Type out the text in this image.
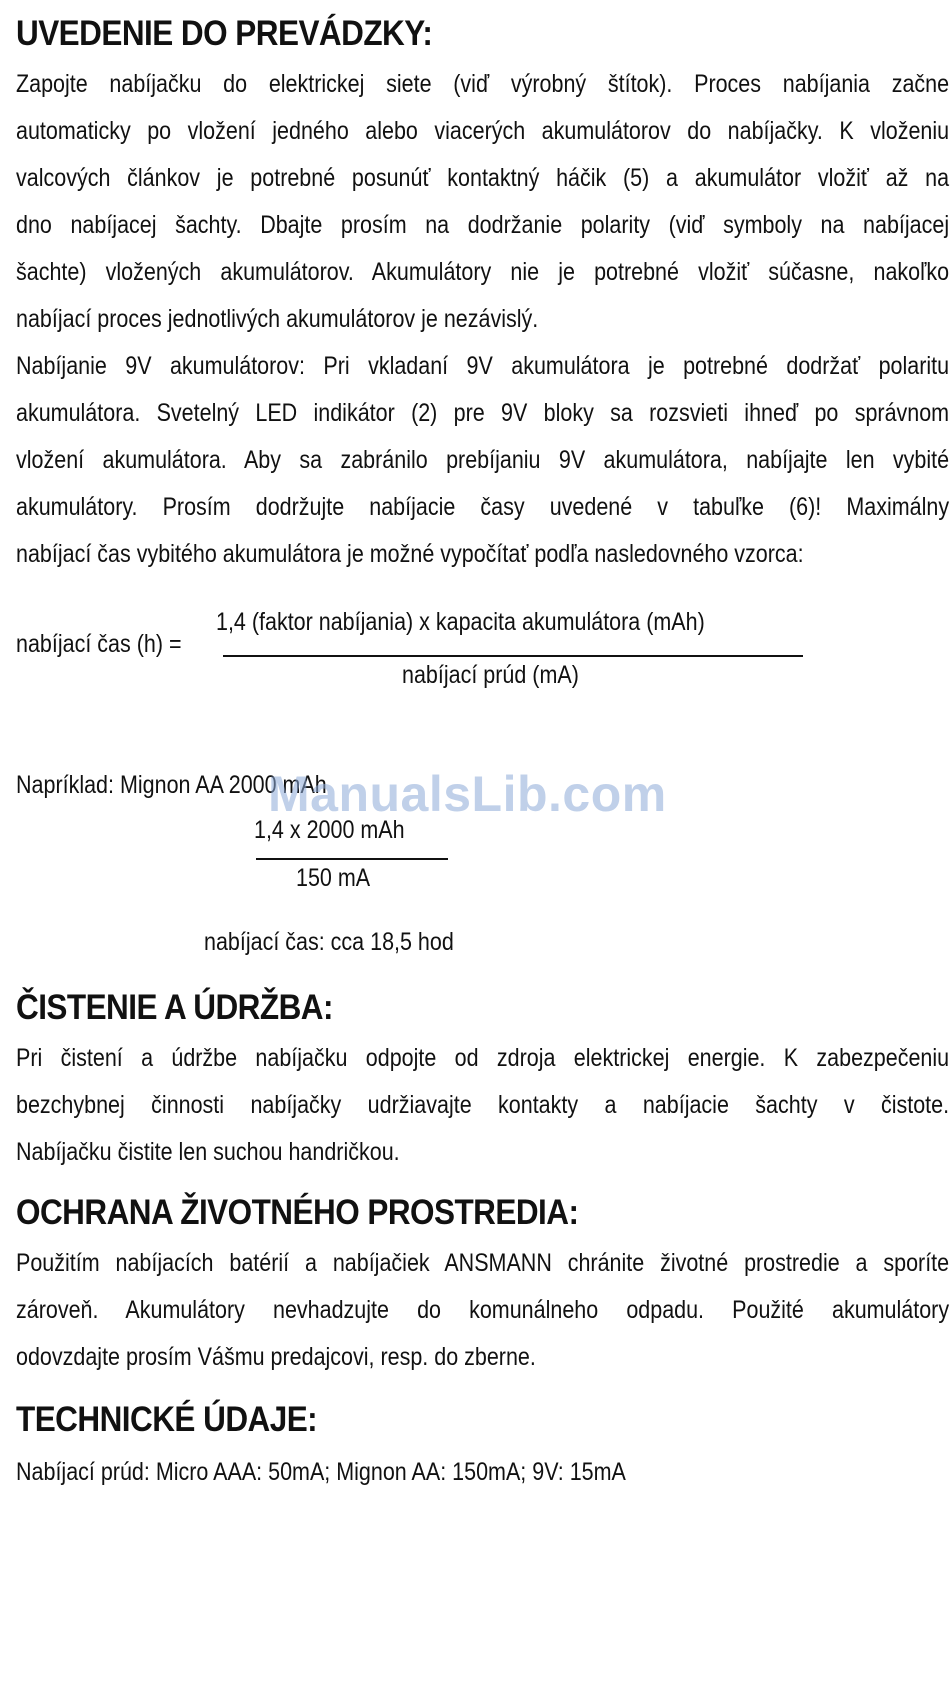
UVEDENIE DO PREVÁDZKY:
Zapojte nabíjačku do elektrickej siete (viď výrobný štítok). Proces nabíjania začne
automaticky po vložení jedného alebo viacerých akumulátorov do nabíjačky. K vloženiu
valcových článkov je potrebné posunúť kontaktný háčik (5) a akumulátor vložiť až na
dno nabíjacej šachty. Dbajte prosím na dodržanie polarity (viď symboly na nabíjacej
šachte) vložených akumulátorov. Akumulátory nie je potrebné vložiť súčasne, nakoľko
nabíjací proces jednotlivých akumulátorov je nezávislý.
Nabíjanie 9V akumulátorov: Pri vkladaní 9V akumulátora je potrebné dodržať polaritu
akumulátora. Svetelný LED indikátor (2) pre 9V bloky sa rozsvieti ihneď po správnom
vložení akumulátora. Aby sa zabránilo prebíjaniu 9V akumulátora, nabíjajte len vybité
akumulátory. Prosím dodržujte nabíjacie časy uvedené v tabuľke (6)! Maximálny
nabíjací čas vybitého akumulátora je možné vypočítať podľa nasledovného vzorca:
nabíjací čas (h) =
1,4 (faktor nabíjania) x kapacita akumulátora (mAh)
nabíjací prúd (mA)
Napríklad: Mignon AA 2000 mAh
1,4 x 2000 mAh
150 mA
nabíjací čas: cca 18,5 hod
ČISTENIE A ÚDRŽBA:
Pri čistení a údržbe nabíjačku odpojte od zdroja elektrickej energie. K zabezpečeniu
bezchybnej činnosti nabíjačky udržiavajte kontakty a nabíjacie šachty v čistote.
Nabíjačku čistite len suchou handričkou.
OCHRANA ŽIVOTNÉHO PROSTREDIA:
Použitím nabíjacích batérií a nabíjačiek ANSMANN chránite životné prostredie a sporíte
zároveň. Akumulátory nevhadzujte do komunálneho odpadu. Použité akumulátory
odovzdajte prosím Vášmu predajcovi, resp. do zberne.
TECHNICKÉ ÚDAJE:
Nabíjací prúd: Micro AAA: 50mA; Mignon AA: 150mA; 9V: 15mA
ManualsLib.com
